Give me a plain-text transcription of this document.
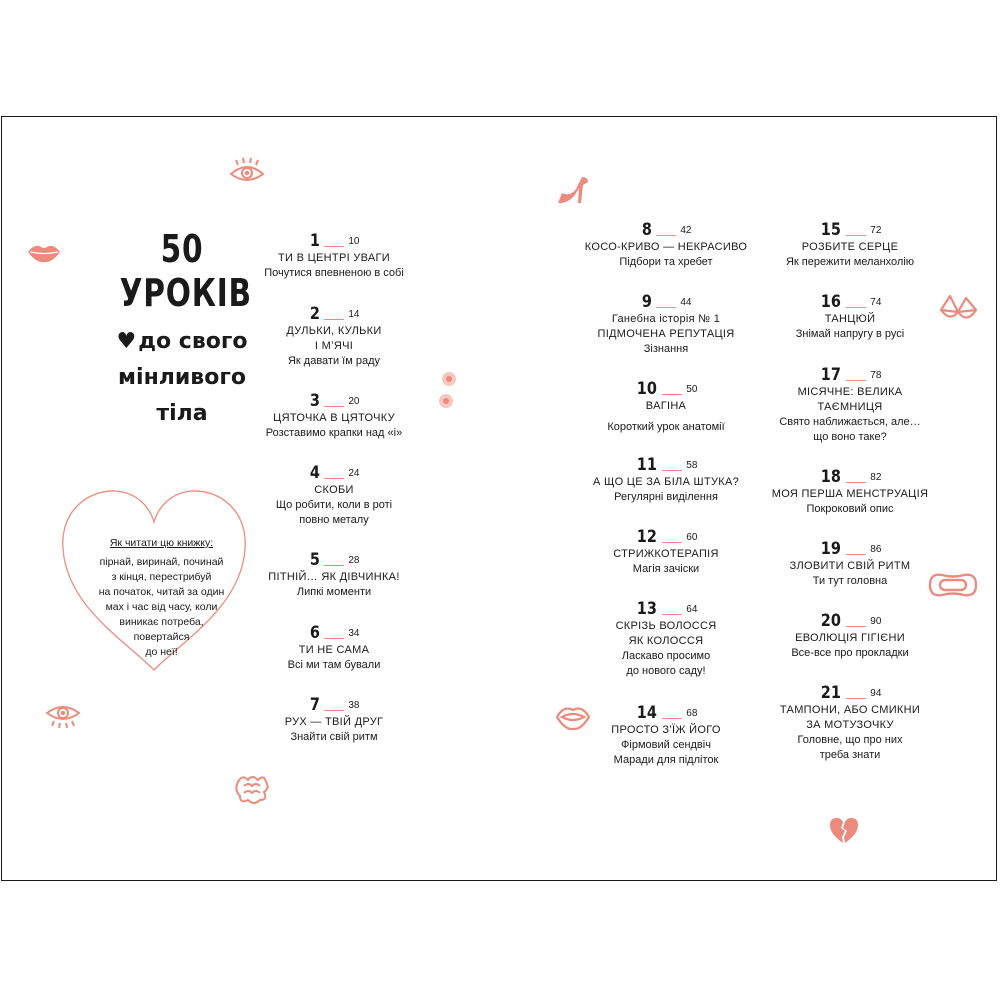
50
УРОКІВ
♥до свого
мінливого
тіла
Як читати цю книжку:
пірнай, виринай, починай
з кінця, перестрибуй
на початок, читай за один
мах і час від часу, коли
виникає потреба,
повертайся
до неї!
1	10
ТИ В ЦЕНТРІ УВАГИ
Почутися впевненою в собі
2	14
ДУЛЬКИ, КУЛЬКИ
І М’ЯЧІ
Як давати їм раду
3	20
ЦЯТОЧКА В ЦЯТОЧКУ
Розставимо крапки над «і»
4	24
СКОБИ
Що робити, коли в роті
повно металу
5	28
ПІТНІЙ… ЯК ДІВЧИНКА!
Липкі моменти
6	34
ТИ НЕ САМА
Всі ми там бували
7	38
РУХ — ТВІЙ ДРУГ
Знайти свій ритм
8	42
КОСО-КРИВО — НЕКРАСИВО
Підбори та хребет
9	44
Ганебна історія № 1
ПІДМОЧЕНА РЕПУТАЦІЯ
Зізнання
10	50
ВАГІНА
Короткий урок анатомії
11	58
А ЩО ЦЕ ЗА БІЛА ШТУКА?
Регулярні виділення
12	60
СТРИЖКОТЕРАПІЯ
Магія зачіски
13	64
СКРІЗЬ ВОЛОССЯ
ЯК КОЛОССЯ
Ласкаво просимо
до нового саду!
14	68
ПРОСТО З’ЇЖ ЙОГО
Фірмовий сендвіч
Маради для підліток
15	72
РОЗБИТЕ СЕРЦЕ
Як пережити меланхолію
16	74
ТАНЦЮЙ
Знімай напругу в русі
17	78
МІСЯЧНЕ: ВЕЛИКА
ТАЄМНИЦЯ
Свято наближається, але…
що воно таке?
18	82
МОЯ ПЕРША МЕНСТРУАЦІЯ
Покроковий опис
19	86
ЗЛОВИТИ СВІЙ РИТМ
Ти тут головна
20	90
ЕВОЛЮЦІЯ ГІГІЄНИ
Все-все про прокладки
21	94
ТАМПОНИ, АБО СМИКНИ
ЗА МОТУЗОЧКУ
Головне, що про них
треба знати
